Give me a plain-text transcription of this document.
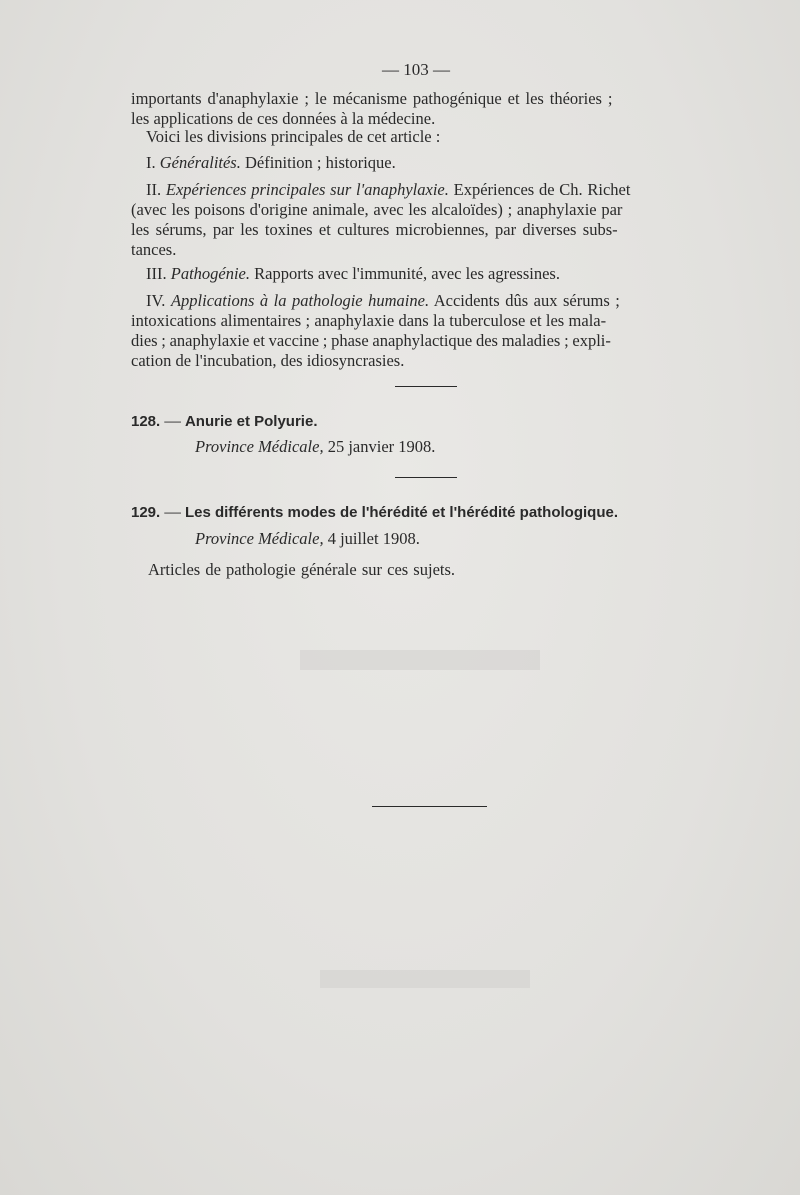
— 103 —
importants d'anaphylaxie ; le mécanisme pathogénique et les théories ;
les applications de ces données à la médecine.
Voici les divisions principales de cet article :
I. Généralités. Définition ; historique.
II. Expériences principales sur l'anaphylaxie. Expériences de Ch. Richet
(avec les poisons d'origine animale, avec les alcaloïdes) ; anaphylaxie par
les sérums, par les toxines et cultures microbiennes, par diverses subs-
tances.
III. Pathogénie. Rapports avec l'immunité, avec les agressines.
IV. Applications à la pathologie humaine. Accidents dûs aux sérums ;
intoxications alimentaires ; anaphylaxie dans la tuberculose et les mala-
dies ; anaphylaxie et vaccine ; phase anaphylactique des maladies ; expli-
cation de l'incubation, des idiosyncrasies.
128. — Anurie et Polyurie.
Province Médicale, 25 janvier 1908.
129. — Les différents modes de l'hérédité et l'hérédité pathologique.
Province Médicale, 4 juillet 1908.
Articles de pathologie générale sur ces sujets.
